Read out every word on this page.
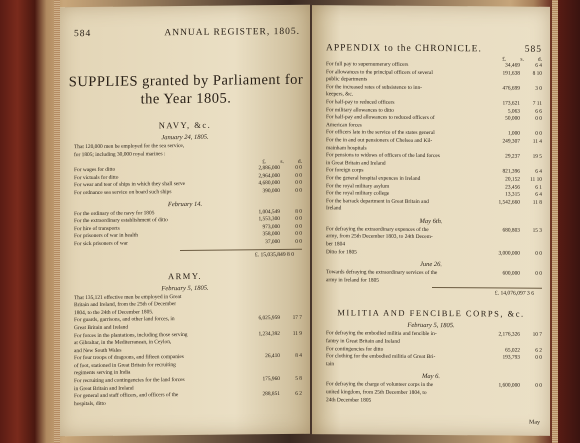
584	ANNUAL REGISTER, 1805.
SUPPLIES granted by Parliament for the Year 1805.
NAVY, &c.
January 24, 1805.
That 120,000 men be employed for the sea service,
for 1805; including 30,000 royal marines :
£.	s.	d.
For wages for ditto	2,886,000	0 0
For victuals for ditto	2,964,000	0 0
For wear and tear of ships in which they shall serve	4,680,000	0 0
For ordnance sea service on board such ships	390,000	0 0
February 14.
For the ordinary of the navy for 1805	1,004,549	8 0
For the extraordinary establishment of ditto	1,553,300	0 0
For hire of transports	973,000	0 0
For prisoners of war in health	358,000	0 0
For sick prisoners of war	37,000	0 0
£. 15,035,849 8 0
ARMY.
February 5, 1805.
That 135,121 effective men be employed in Great
Britain and Ireland, from the 25th of December
1804, to the 24th of December 1805.
For guards, garrisons, and other land forces, in
Great Britain and Ireland
6,025,959	17 7
For forces in the plantations, including those serving
at Gibraltar, in the Mediterranean, in Ceylon,
and New South Wales
1,234,392	11 9
For four troops of dragoons, and fifteen companies
of foot, stationed in Great Britain for recruiting
regiments serving in India
26,410	8 4
For recruiting and contingencies for the land forces
in Great Britain and Ireland
175,960	5 8
For general and staff officers, and officers of the
hospitals, ditto
288,851	6 2
APPENDIX to the CHRONICLE.	585
£.	s.	d.
For full pay to supernumerary officers	34,469	6 4
For allowances to the principal officers of several
public departments
191,638	8 10
For the increased rates of subsistence to inn-
keepers, &c.
476,699	3 0
For half-pay to reduced officers	173,621	7 11
For military allowances to ditto	5,063	6 6
For half-pay and allowances to reduced officers of
American forces
50,000	0 0
For officers late in the service of the states general	1,000	0 0
For the in and out pensioners of Chelsea and Kil-
mainham hospitals
249,307	11 4
For pensions to widows of officers of the land forces
in Great Britain and Ireland
29,237	19 5
For foreign corps	821,396	6 4
For the general hospital expences in Ireland	20,152	11 10
For the royal military asylum	23,456	6 1
For the royal military college	13,315	6 4
For the barrack department in Great Britain and
Ireland
1,542,660	11 8
May 6th.
For defraying the extraordinary expences of the
army, from 25th December 1803, to 24th Decem-
ber 1804
680,803	15 3
Ditto for 1805	3,000,000	0 0
June 26.
Towards defraying the extraordinary services of the
army in Ireland for 1805
600,000	0 0
£. 14,076,097 3 6
MILITIA AND FENCIBLE CORPS, &c.
February 5, 1805.
For defraying the embodied militia and fencible in-
fantry in Great Britain and Ireland
2,176,326	10 7
For contingencies for ditto	65,022	6 2
For clothing for the embodied militia of Great Bri-
tain
193,793	0 0
May 6.
For defraying the charge of volunteer corps in the
united kingdom, from 25th December 1804, to
24th December 1805
1,600,000	0 0
May
